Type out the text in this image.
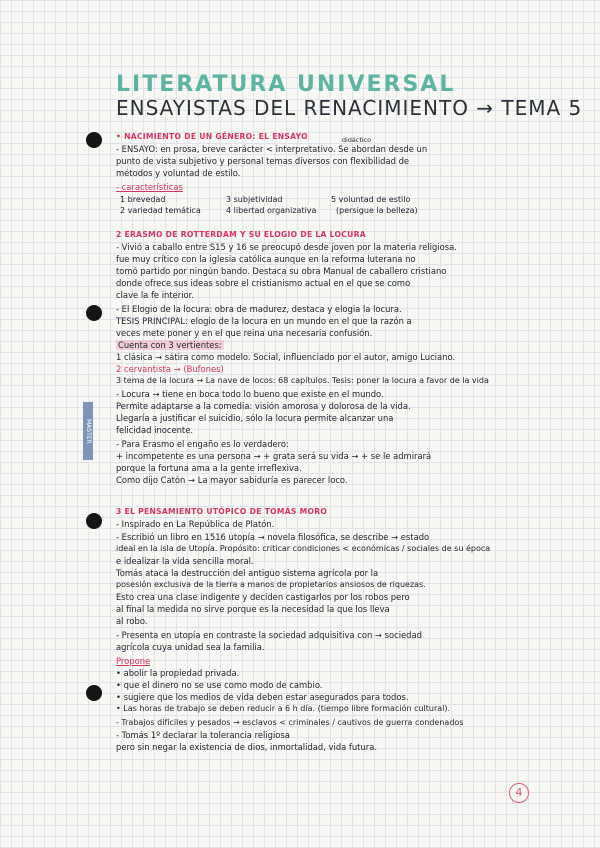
MASTER
LITERATURA UNIVERSAL
ENSAYISTAS DEL RENACIMIENTO → TEMA 5
• NACIMIENTO DE UN GÉNERO: EL ENSAYO	didáctico
- ENSAYO: en prosa, breve carácter < interpretativo. Se abordan desde un
punto de vista subjetivo y personal temas diversos con flexibilidad de
métodos y voluntad de estilo.
- características
1 brevedad
2 variedad temática
3 subjetividad
4 libertad organizativa
5 voluntad de estilo
(persigue la belleza)
2 ERASMO DE ROTTERDAM Y SU ELOGIO DE LA LOCURA
- Vivió a caballo entre S15 y 16 se preocupó desde joven por la materia religiosa.
fue muy crítico con la iglesia católica aunque en la reforma luterana no
tomó partido por ningún bando. Destaca su obra Manual de caballero cristiano
donde ofrece sus ideas sobre el cristianismo actual en el que se como
clave la fe interior.
- El Elogio de la locura: obra de madurez, destaca y elogia la locura.
TESIS PRINCIPAL: elogio de la locura en un mundo en el que la razón a
veces mete poner y en el que reina una necesaria confusión.
Cuenta con 3 vertientes:
1 clásica → sátira como modelo. Social, influenciado por el autor, amigo Luciano.
2 cervantista → (Bufones)
3 tema de la locura → La nave de locos: 68 capítulos. Tesis: poner la locura a favor de la vida
- Locura → tiene en boca todo lo bueno que existe en el mundo.
Permite adaptarse a la comedia: visión amorosa y dolorosa de la vida.
Llegaría a justificar el suicidio, sólo la locura permite alcanzar una
felicidad inocente.
- Para Erasmo el engaño es lo verdadero:
+ incompetente es una persona → + grata será su vida → + se le admirará
porque la fortuna ama a la gente irreflexiva.
Como dijo Catón → La mayor sabiduría es parecer loco.
3 EL PENSAMIENTO UTÓPICO DE TOMÁS MORO
- Inspirado en La República de Platón.
- Escribió un libro en 1516 utopía → novela filosófica, se describe → estado
ideal en la isla de Utopía. Propósito: criticar condiciones < económicas / sociales de su época
e idealizar la vida sencilla moral.
Tomás ataca la destrucción del antiguo sistema agrícola por la
posesión exclusiva de la tierra a manos de propietarios ansiosos de riquezas.
Esto crea una clase indigente y deciden castigarlos por los robos pero
al final la medida no sirve porque es la necesidad la que los lleva
al robo.
- Presenta en utopía en contraste la sociedad adquisitiva con → sociedad
agrícola cuya unidad sea la familia.
Propone
• abolir la propiedad privada.
• que el dinero no se use como modo de cambio.
• sugiere que los medios de vida deben estar asegurados para todos.
• Las horas de trabajo se deben reducir a 6 h día. (tiempo libre formación cultural).
- Trabajos difíciles y pesados → esclavos < criminales / cautivos de guerra condenados
- Tomás 1º declarar la tolerancia religiosa
pero sin negar la existencia de dios, inmortalidad, vida futura.
4
